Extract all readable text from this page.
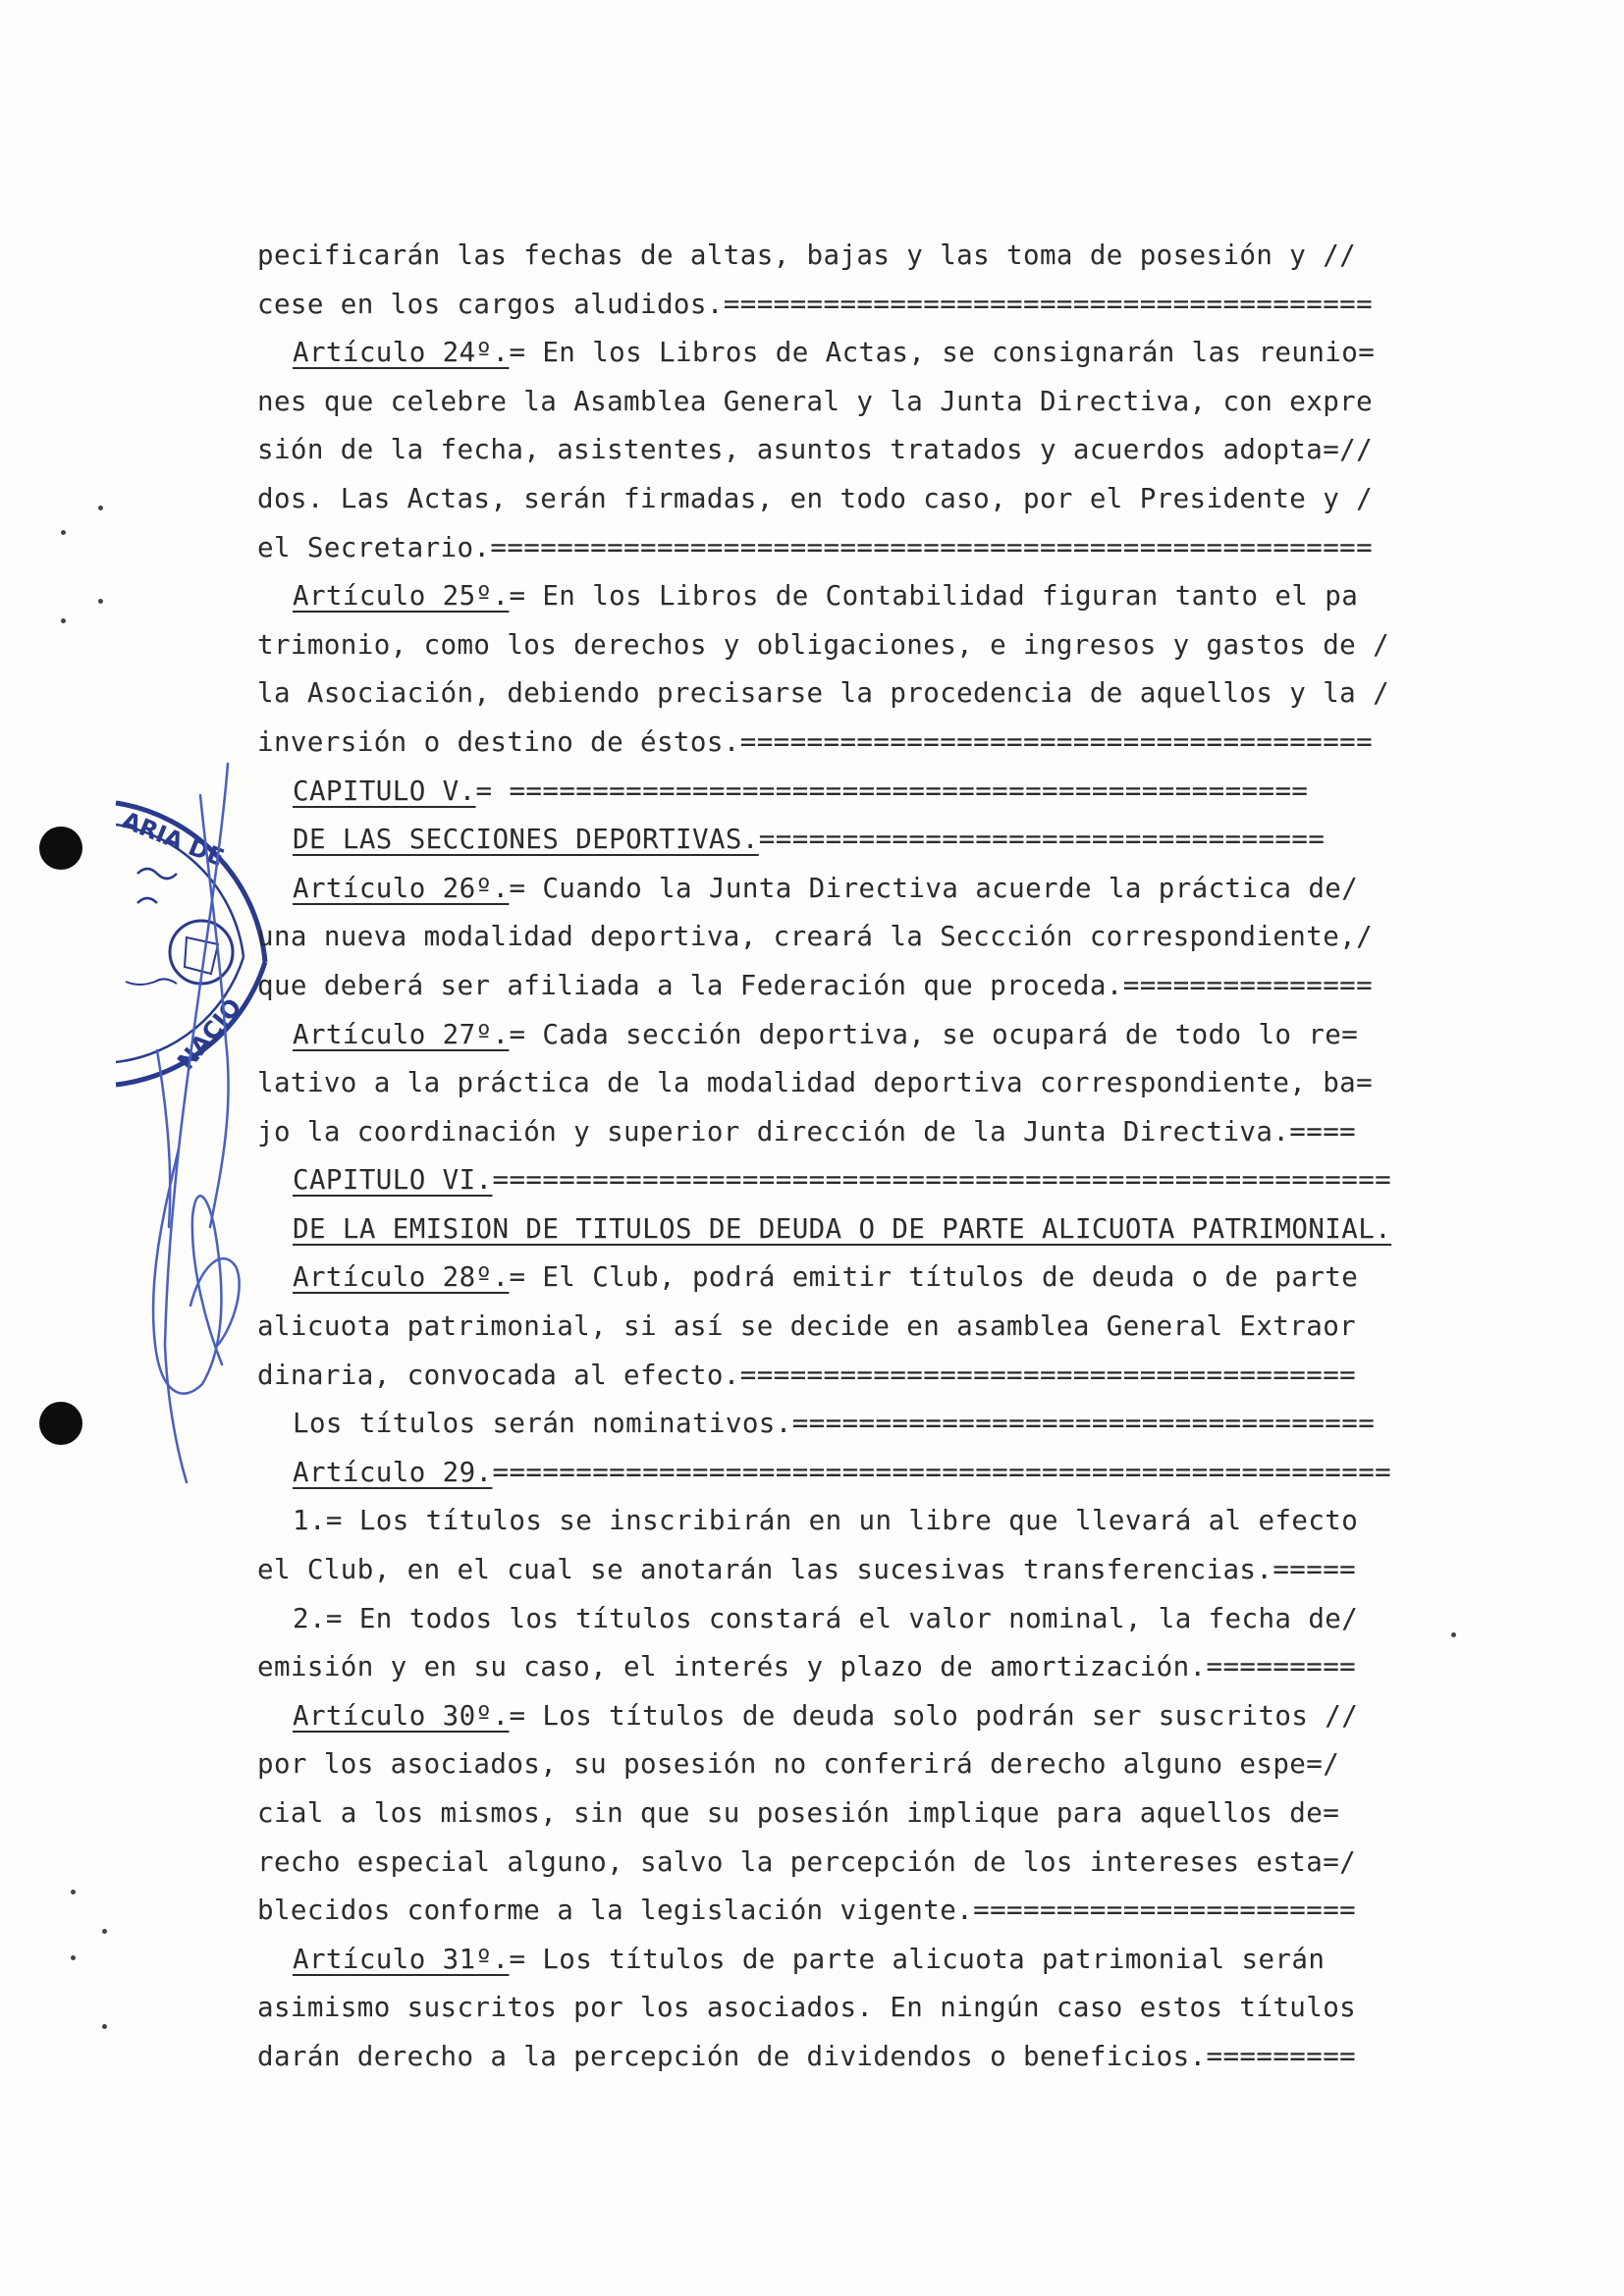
ARIA DE
NACIO
pecificarán las fechas de altas, bajas y las toma de posesión y //
cese en los cargos aludidos.=======================================
Artículo 24º.= En los Libros de Actas, se consignarán las reunio=
nes que celebre la Asamblea General y la Junta Directiva, con expre
sión de la fecha, asistentes, asuntos tratados y acuerdos adopta=//
dos. Las Actas, serán firmadas, en todo caso, por el Presidente y /
el Secretario.=====================================================
Artículo 25º.= En los Libros de Contabilidad figuran tanto el pa
trimonio, como los derechos y obligaciones, e ingresos y gastos de /
la Asociación, debiendo precisarse la procedencia de aquellos y la /
inversión o destino de éstos.======================================
CAPITULO V.= ================================================
DE LAS SECCIONES DEPORTIVAS.==================================
Artículo 26º.= Cuando la Junta Directiva acuerde la práctica de/
una nueva modalidad deportiva, creará la Seccción correspondiente,/
que deberá ser afiliada a la Federación que proceda.===============
Artículo 27º.= Cada sección deportiva, se ocupará de todo lo re=
lativo a la práctica de la modalidad deportiva correspondiente, ba=
jo la coordinación y superior dirección de la Junta Directiva.====
CAPITULO VI.======================================================
DE LA EMISION DE TITULOS DE DEUDA O DE PARTE ALICUOTA PATRIMONIAL.
Artículo 28º.= El Club, podrá emitir títulos de deuda o de parte
alicuota patrimonial, si así se decide en asamblea General Extraor
dinaria, convocada al efecto.=====================================
Los títulos serán nominativos.===================================
Artículo 29.======================================================
1.= Los títulos se inscribirán en un libre que llevará al efecto
el Club, en el cual se anotarán las sucesivas transferencias.=====
2.= En todos los títulos constará el valor nominal, la fecha de/
emisión y en su caso, el interés y plazo de amortización.=========
Artículo 30º.= Los títulos de deuda solo podrán ser suscritos //
por los asociados, su posesión no conferirá derecho alguno espe=/
cial a los mismos, sin que su posesión implique para aquellos de=
recho especial alguno, salvo la percepción de los intereses esta=/
blecidos conforme a la legislación vigente.=======================
Artículo 31º.= Los títulos de parte alicuota patrimonial serán
asimismo suscritos por los asociados. En ningún caso estos títulos
darán derecho a la percepción de dividendos o beneficios.=========
